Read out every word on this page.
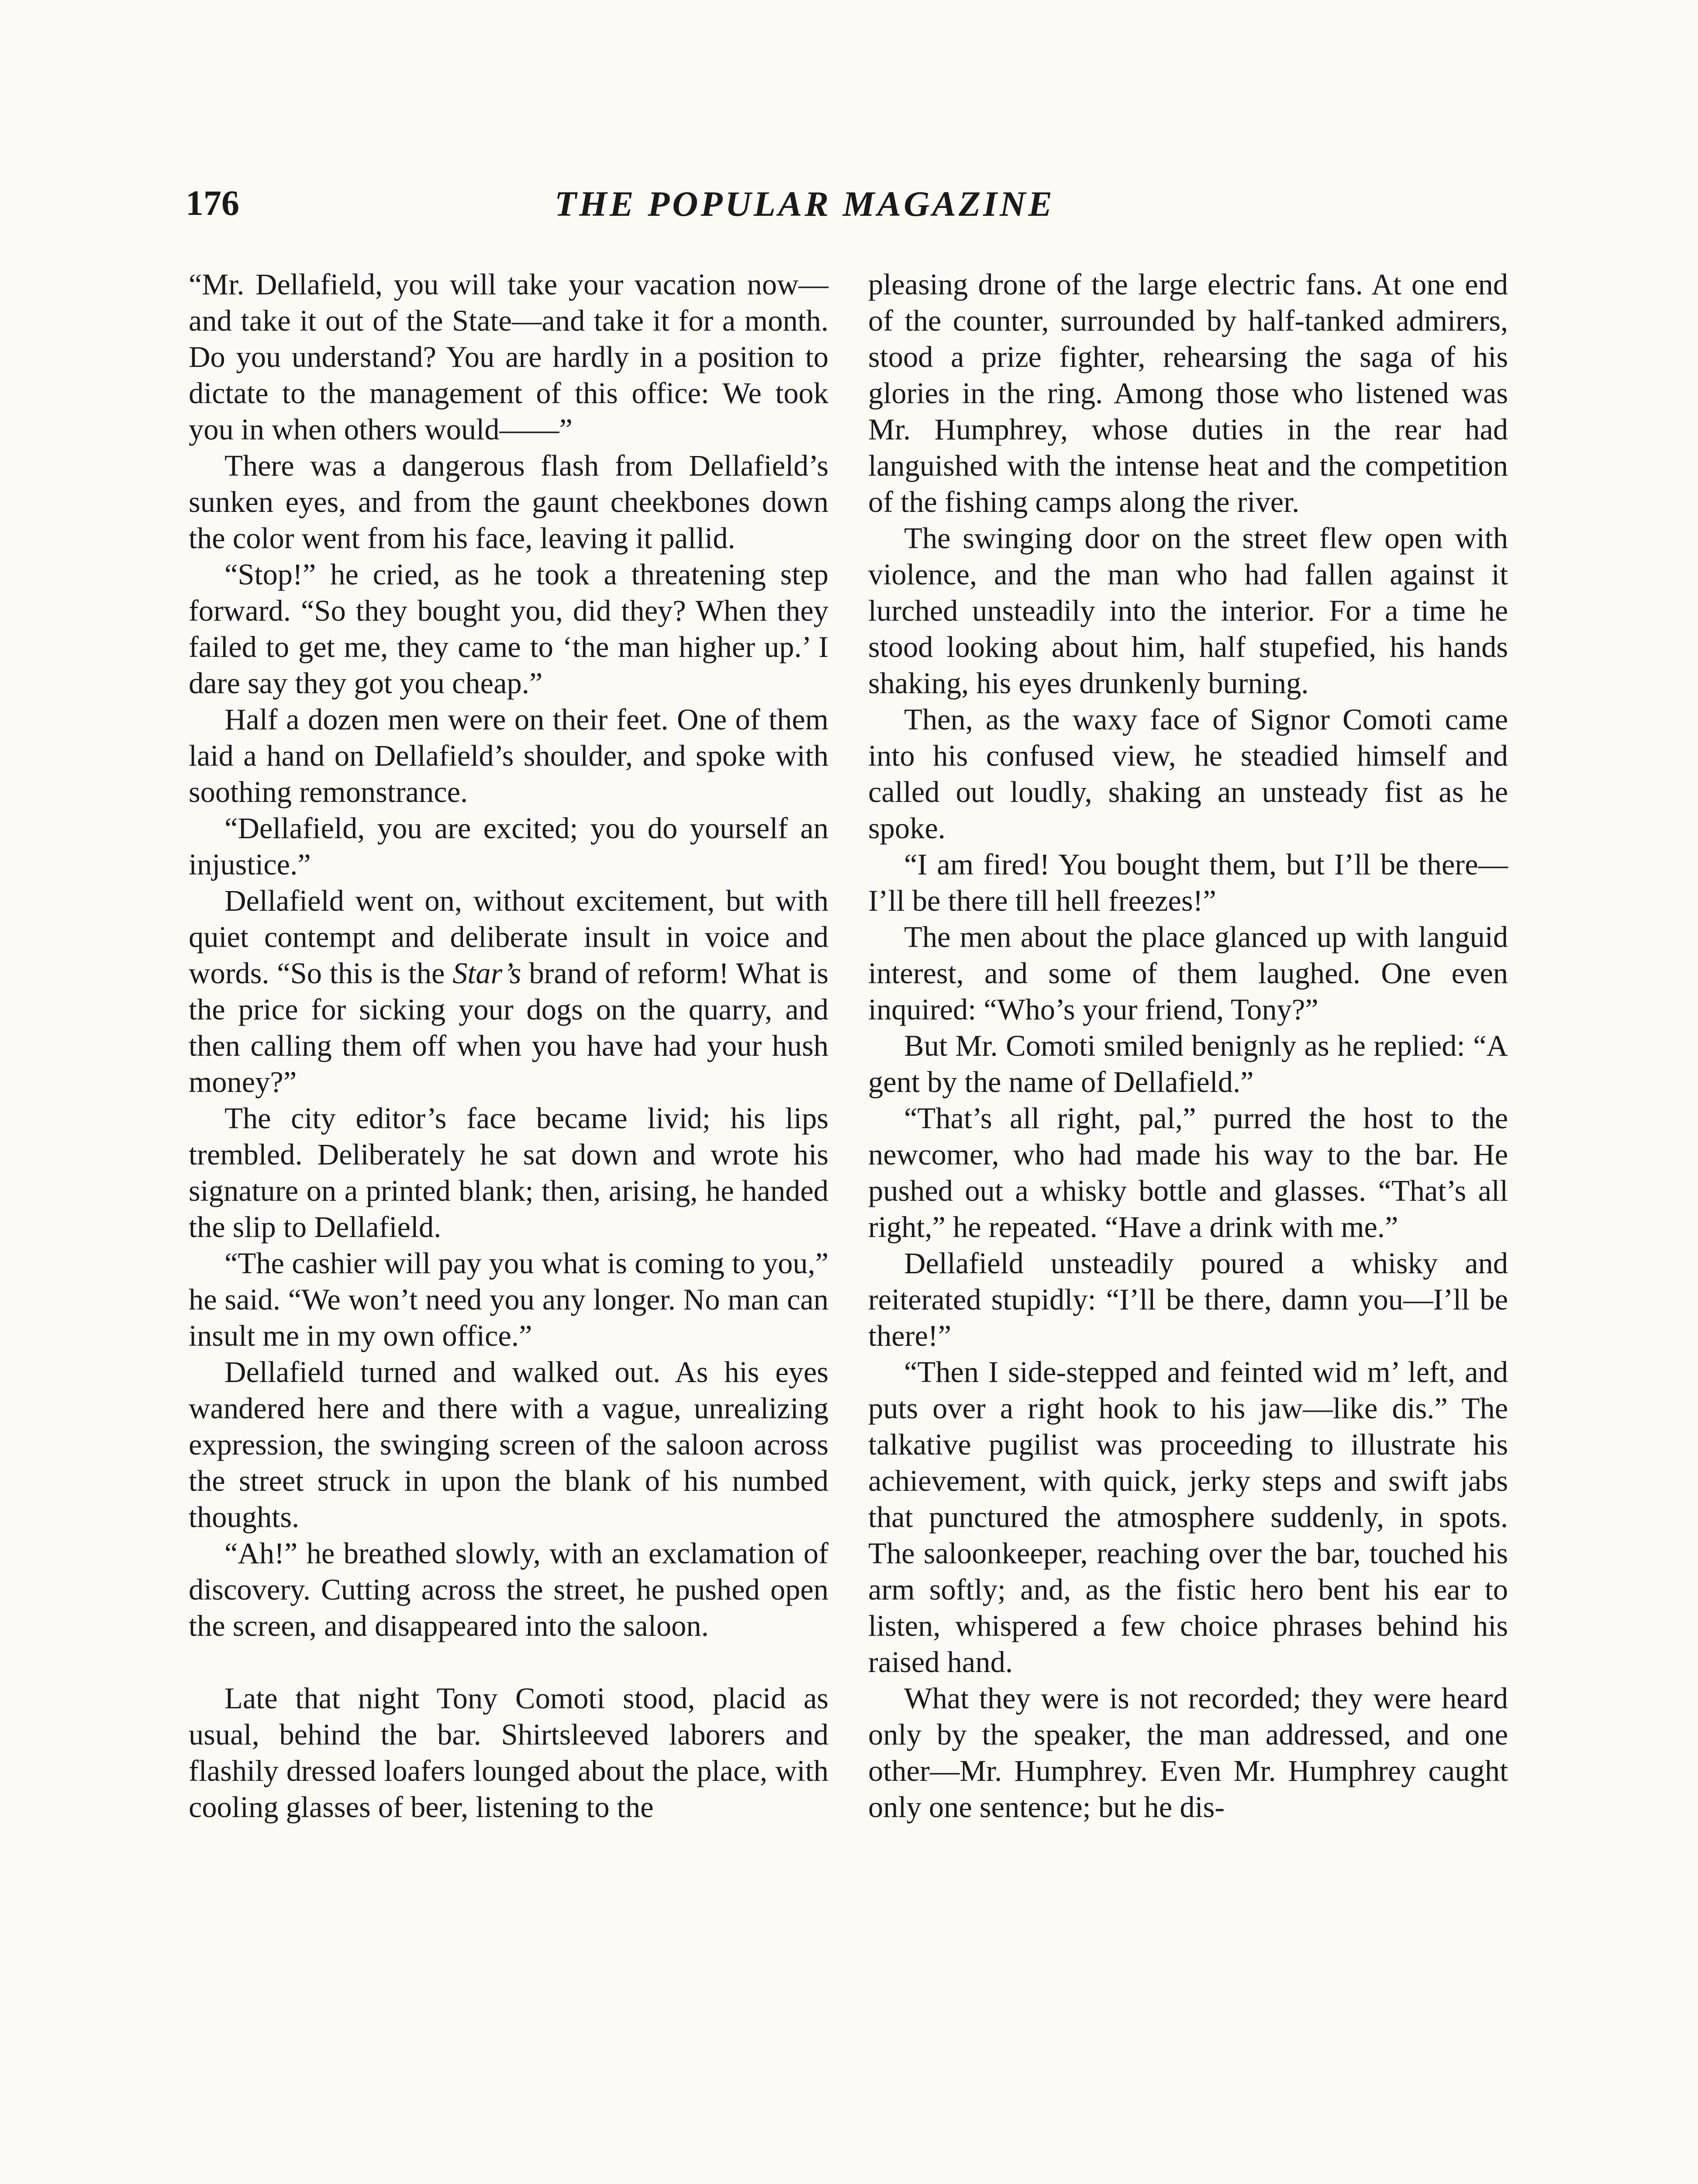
176	THE POPULAR MAGAZINE

“Mr. Dellafield, you will take your vacation now—and take it out of the State—and take it for a month. Do you understand? You are hardly in a position to dictate to the management of this office: We took you in when others would——”

There was a dangerous flash from Dellafield’s sunken eyes, and from the gaunt cheekbones down the color went from his face, leaving it pallid.

“Stop!” he cried, as he took a threatening step forward. “So they bought you, did they? When they failed to get me, they came to ‘the man higher up.’ I dare say they got you cheap.”

Half a dozen men were on their feet. One of them laid a hand on Dellafield’s shoulder, and spoke with soothing remonstrance.

“Dellafield, you are excited; you do yourself an injustice.”

Dellafield went on, without excitement, but with quiet contempt and deliberate insult in voice and words. “So this is the Star’s brand of reform! What is the price for sicking your dogs on the quarry, and then calling them off when you have had your hush money?”

The city editor’s face became livid; his lips trembled. Deliberately he sat down and wrote his signature on a printed blank; then, arising, he handed the slip to Dellafield.

“The cashier will pay you what is coming to you,” he said. “We won’t need you any longer. No man can insult me in my own office.”

Dellafield turned and walked out. As his eyes wandered here and there with a vague, unrealizing expression, the swinging screen of the saloon across the street struck in upon the blank of his numbed thoughts.

“Ah!” he breathed slowly, with an exclamation of discovery. Cutting across the street, he pushed open the screen, and disappeared into the saloon.

Late that night Tony Comoti stood, placid as usual, behind the bar. Shirtsleeved laborers and flashily dressed loafers lounged about the place, with cooling glasses of beer, listening to the

pleasing drone of the large electric fans. At one end of the counter, surrounded by half-tanked admirers, stood a prize fighter, rehearsing the saga of his glories in the ring. Among those who listened was Mr. Humphrey, whose duties in the rear had languished with the intense heat and the competition of the fishing camps along the river.

The swinging door on the street flew open with violence, and the man who had fallen against it lurched unsteadily into the interior. For a time he stood looking about him, half stupefied, his hands shaking, his eyes drunkenly burning.

Then, as the waxy face of Signor Comoti came into his confused view, he steadied himself and called out loudly, shaking an unsteady fist as he spoke.

“I am fired! You bought them, but I’ll be there—I’ll be there till hell freezes!”

The men about the place glanced up with languid interest, and some of them laughed. One even inquired: “Who’s your friend, Tony?”

But Mr. Comoti smiled benignly as he replied: “A gent by the name of Dellafield.”

“That’s all right, pal,” purred the host to the newcomer, who had made his way to the bar. He pushed out a whisky bottle and glasses. “That’s all right,” he repeated. “Have a drink with me.”

Dellafield unsteadily poured a whisky and reiterated stupidly: “I’ll be there, damn you—I’ll be there!”

“Then I side-stepped and feinted wid m’ left, and puts over a right hook to his jaw—like dis.” The talkative pugilist was proceeding to illustrate his achievement, with quick, jerky steps and swift jabs that punctured the atmosphere suddenly, in spots. The saloonkeeper, reaching over the bar, touched his arm softly; and, as the fistic hero bent his ear to listen, whispered a few choice phrases behind his raised hand.

What they were is not recorded; they were heard only by the speaker, the man addressed, and one other—Mr. Humphrey. Even Mr. Humphrey caught only one sentence; but he dis-
